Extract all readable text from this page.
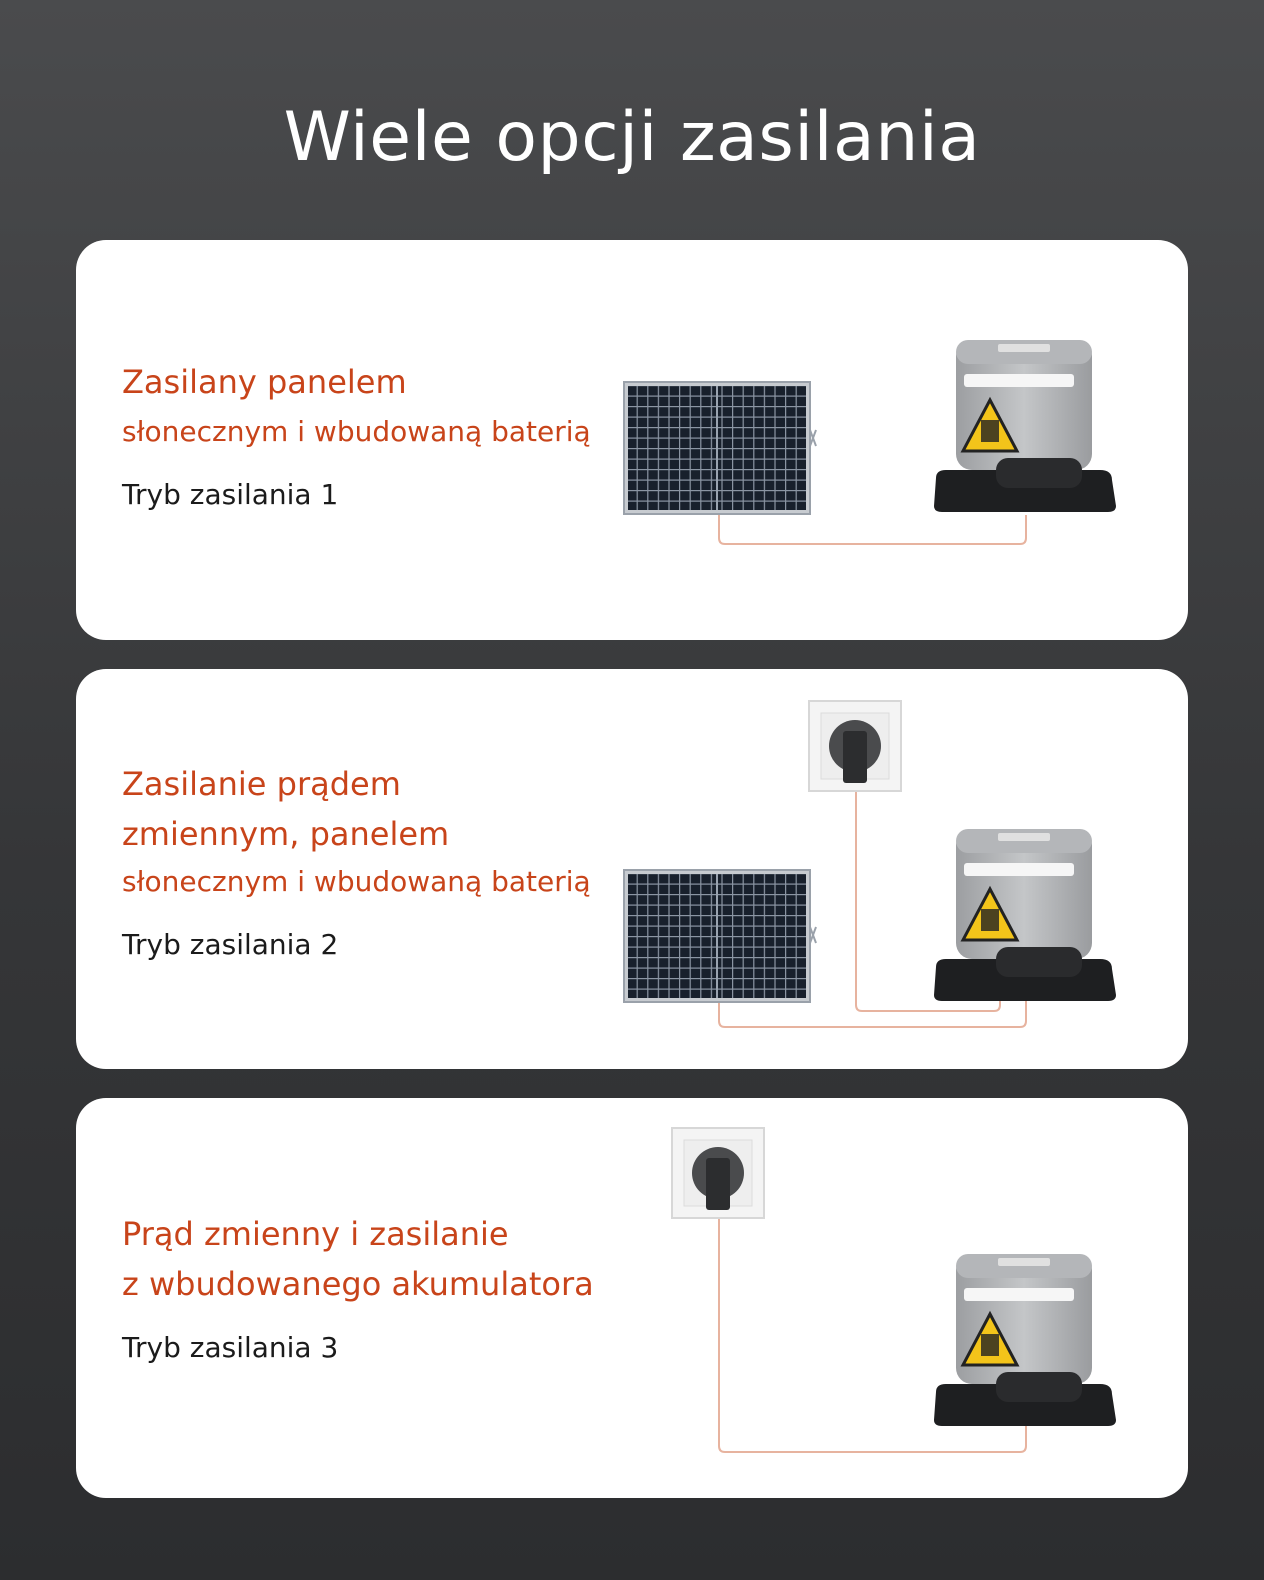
Wiele opcji zasilania
Zasilany panelem
słonecznym i wbudowaną baterią
Tryb zasilania 1
Zasilanie prądem
zmiennym, panelem
słonecznym i wbudowaną baterią
Tryb zasilania 2
Prąd zmienny i zasilanie
z wbudowanego akumulatora
Tryb zasilania 3
